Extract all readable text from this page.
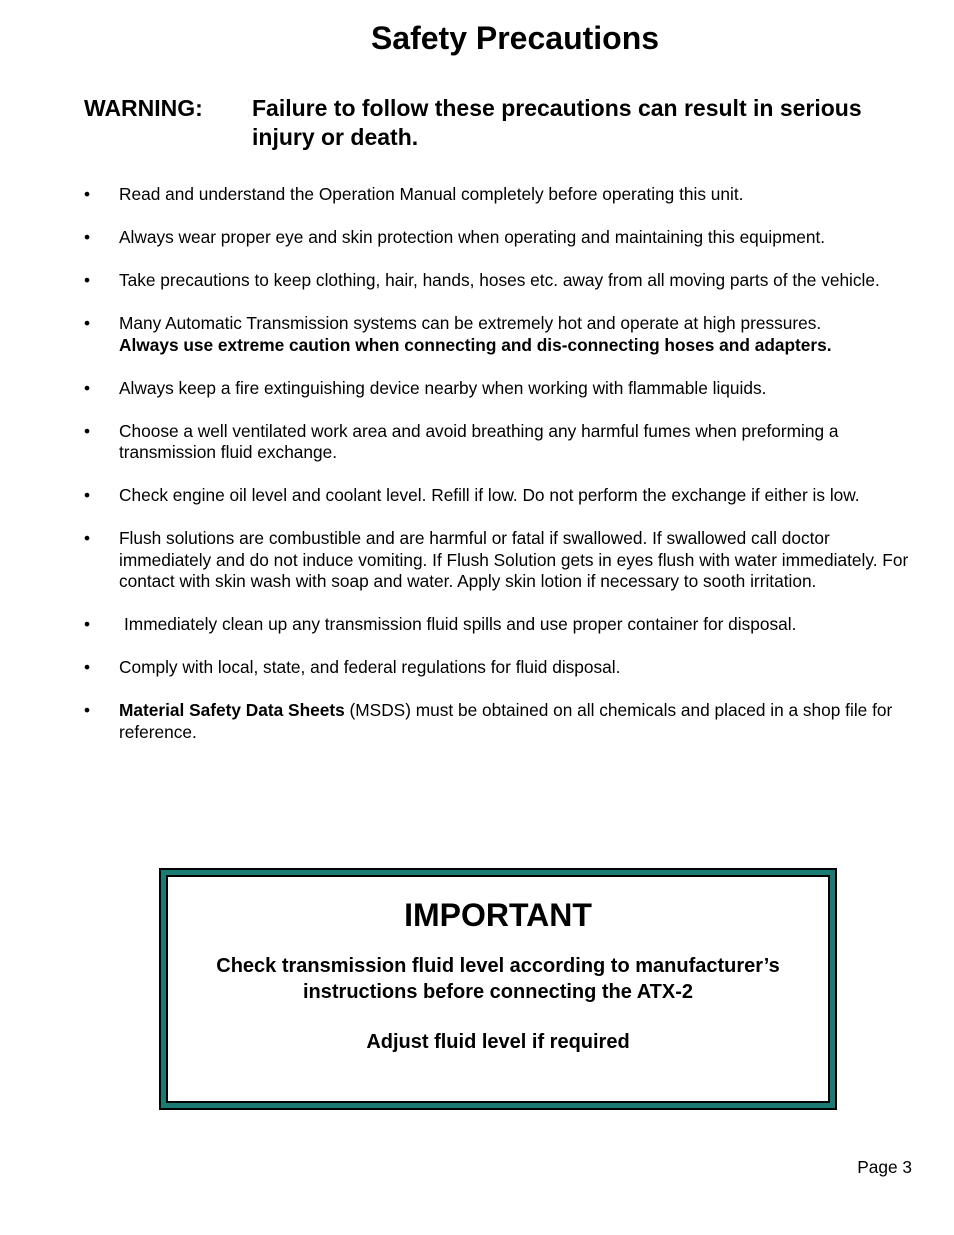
Safety Precautions
WARNING: Failure to follow these precautions can result in serious injury or death.
• Read and understand the Operation Manual completely before operating this unit.
• Always wear proper eye and skin protection when operating and maintaining this equipment.
• Take precautions to keep clothing, hair, hands, hoses etc. away from all moving parts of the vehicle.
• Many Automatic Transmission systems can be extremely hot and operate at high pressures.
Always use extreme caution when connecting and dis-connecting hoses and adapters.
• Always keep a fire extinguishing device nearby when working with flammable liquids.
• Choose a well ventilated work area and avoid breathing any harmful fumes when preforming a transmission fluid exchange.
• Check engine oil level and coolant level. Refill if low. Do not perform the exchange if either is low.
• Flush solutions are combustible and are harmful or fatal if swallowed. If swallowed call doctor immediately and do not induce vomiting. If Flush Solution gets in eyes flush with water immediately. For contact with skin wash with soap and water. Apply skin lotion if necessary to sooth irritation.
• Immediately clean up any transmission fluid spills and use proper container for disposal.
• Comply with local, state, and federal regulations for fluid disposal.
• Material Safety Data Sheets (MSDS) must be obtained on all chemicals and placed in a shop file for reference.
IMPORTANT
Check transmission fluid level according to manufacturer’s
instructions before connecting the ATX-2
Adjust fluid level if required
Page 3
